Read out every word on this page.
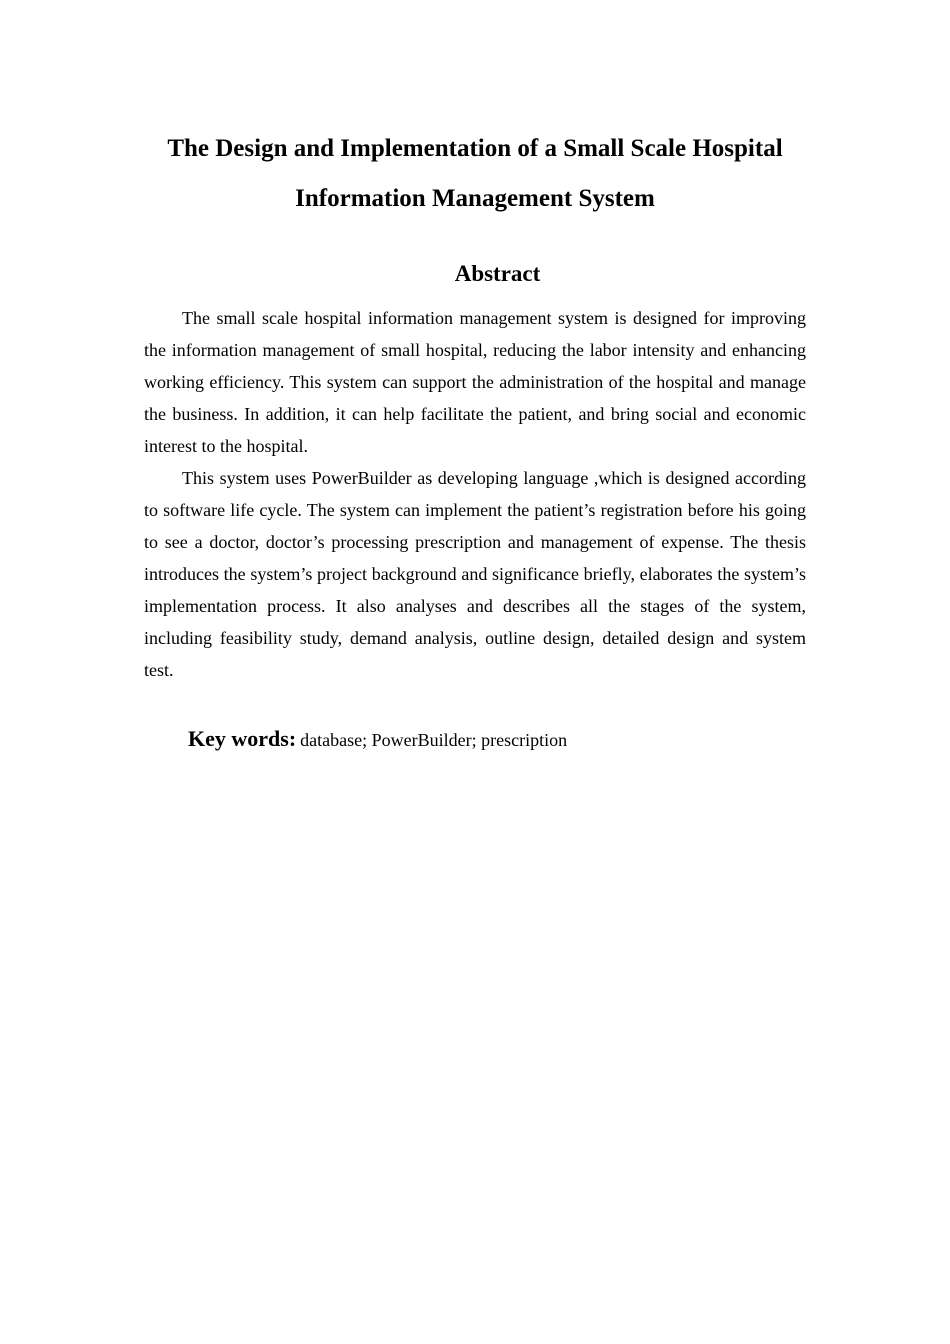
The Design and Implementation of a Small Scale Hospital
Information Management System
Abstract

The small scale hospital information management system is designed for improving the information management of small hospital, reducing the labor intensity and enhancing working efficiency. This system can support the administration of the hospital and manage the business. In addition, it can help facilitate the patient, and bring social and economic interest to the hospital.

This system uses PowerBuilder as developing language ,which is designed according to software life cycle. The system can implement the patient’s registration before his going to see a doctor, doctor’s processing prescription and management of expense. The thesis introduces the system’s project background and significance briefly, elaborates the system’s implementation process. It also analyses and describes all the stages of the system, including feasibility study, demand analysis, outline design, detailed design and system test.

Key words: database; PowerBuilder; prescription
